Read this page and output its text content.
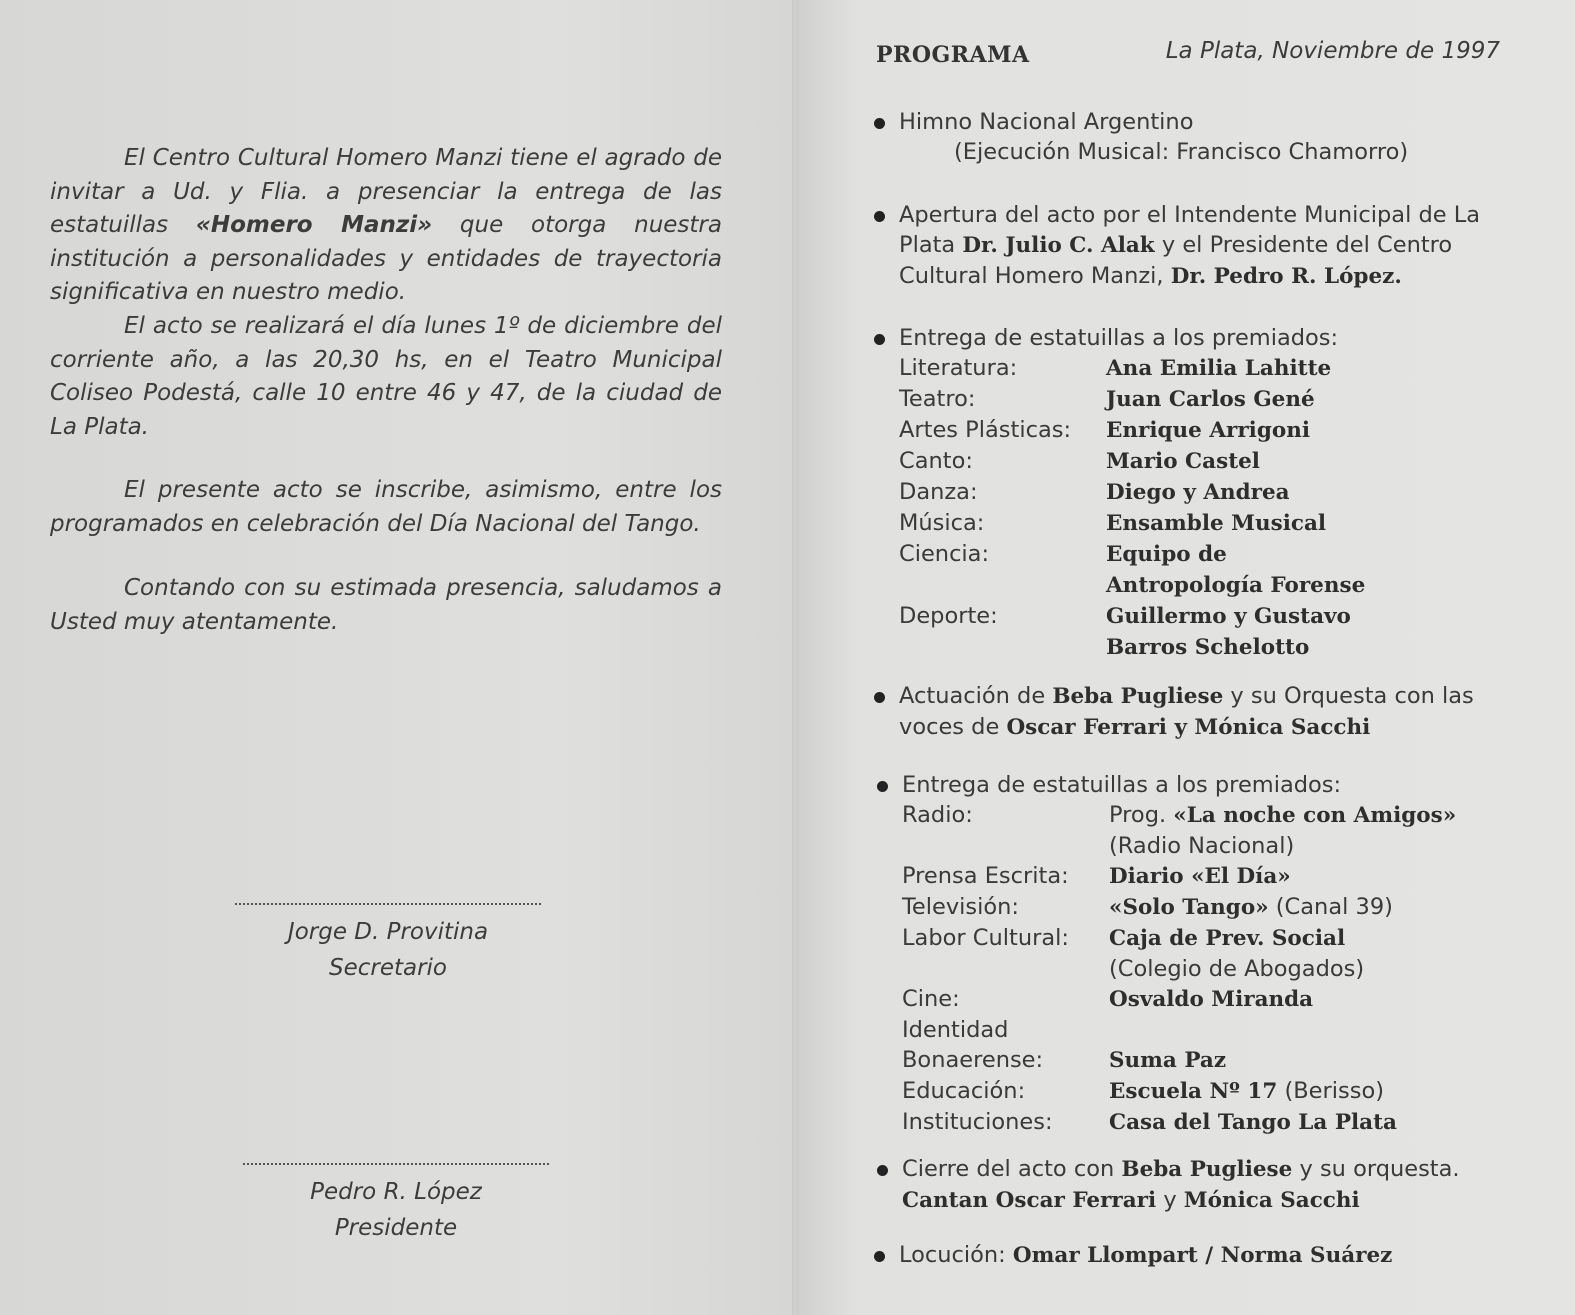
La Plata, Noviembre de 1997
El Centro Cultural Homero Manzi tiene el agrado de invitar a Ud. y Flia. a presenciar la entrega de las estatuillas «Homero Manzi» que otorga nuestra institución a personalidades y entidades de trayectoria significativa en nuestro medio.
El acto se realizará el día lunes 1º de diciembre del corriente año, a las 20,30 hs, en el Teatro Municipal Coliseo Podestá, calle 10 entre 46 y 47, de la ciudad de La Plata.
El presente acto se inscribe, asimismo, entre los programados en celebración del Día Nacional del Tango.
Contando con su estimada presencia, saludamos a Usted muy atentamente.
Jorge D. Provitina
Secretario
Pedro R. López
Presidente
PROGRAMA
Himno Nacional Argentino
(Ejecución Musical: Francisco Chamorro)
Apertura del acto por el Intendente Municipal de La Plata Dr. Julio C. Alak y el Presidente del Centro Cultural Homero Manzi, Dr. Pedro R. López.
Entrega de estatuillas a los premiados:
Literatura:	Ana Emilia Lahitte
Teatro:	Juan Carlos Gené
Artes Plásticas:	Enrique Arrigoni
Canto:	Mario Castel
Danza:	Diego y Andrea
Música:	Ensamble Musical
Ciencia:	Equipo de
Antropología Forense
Deporte:	Guillermo y Gustavo
Barros Schelotto
Actuación de Beba Pugliese y su Orquesta con las voces de Oscar Ferrari y Mónica Sacchi
Entrega de estatuillas a los premiados:
Radio:	Prog. «La noche con Amigos»
(Radio Nacional)
Prensa Escrita:	Diario «El Día»
Televisión:	«Solo Tango» (Canal 39)
Labor Cultural:	Caja de Prev. Social
(Colegio de Abogados)
Cine:	Osvaldo Miranda
Identidad
Bonaerense:	Suma Paz
Educación:	Escuela Nº 17 (Berisso)
Instituciones:	Casa del Tango La Plata
Cierre del acto con Beba Pugliese y su orquesta.
Cantan Oscar Ferrari y Mónica Sacchi
Locución: Omar Llompart / Norma Suárez
